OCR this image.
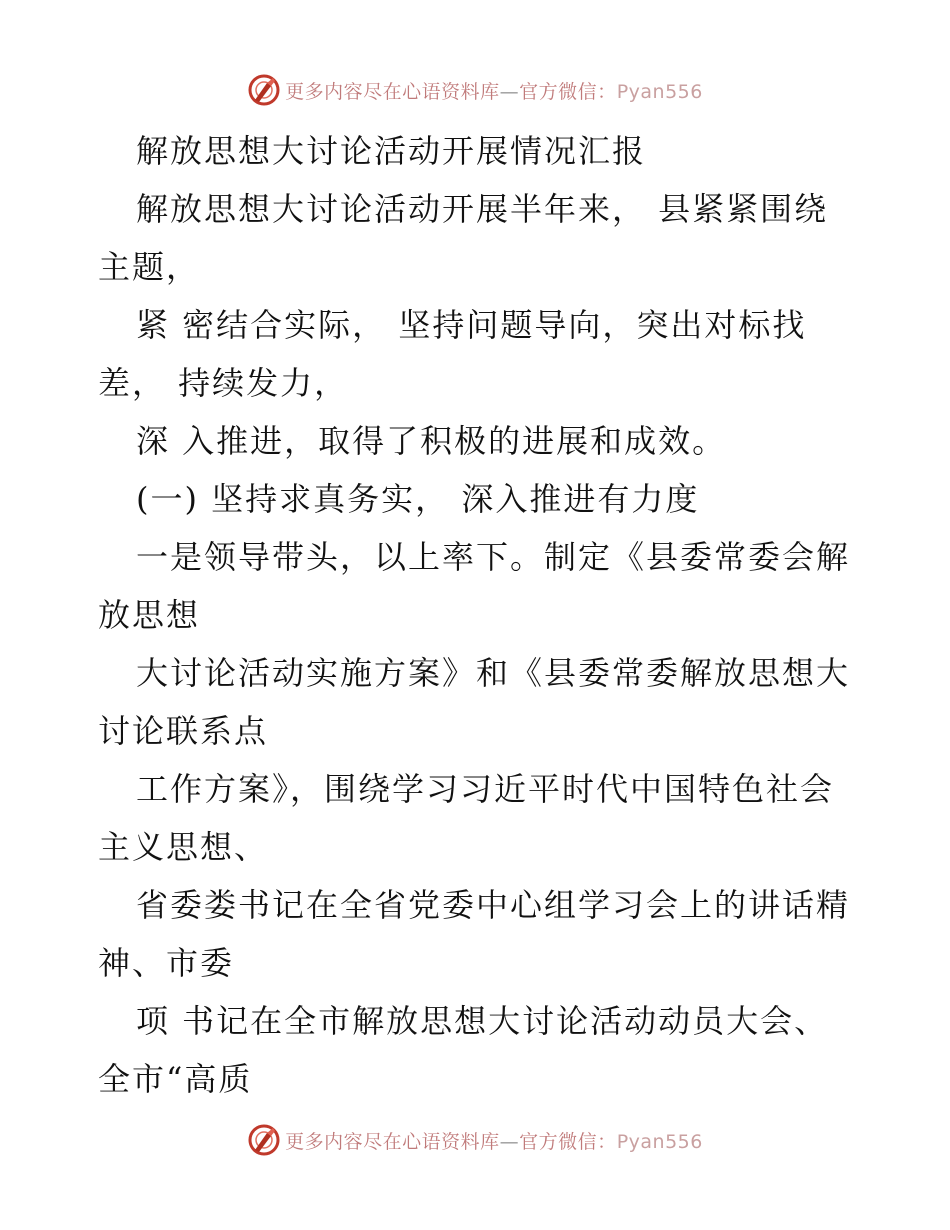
更多内容尽在心语资料库—官方微信：Pyan556
解放思想大讨论活动开展情况汇报
解放思想大讨论活动开展半年来， 县紧紧围绕
主题，
紧 密结合实际， 坚持问题导向，突出对标找
差， 持续发力，
深 入推进，取得了积极的进展和成效。
(一) 坚持求真务实， 深入推进有力度
一是领导带头，以上率下。制定《县委常委会解
放思想
大讨论活动实施方案》和《县委常委解放思想大
讨论联系点
工作方案》，围绕学习习近平时代中国特色社会
主义思想、
省委娄书记在全省党委中心组学习会上的讲话精
神、市委
项 书记在全市解放思想大讨论活动动员大会、
全市“高质
更多内容尽在心语资料库—官方微信：Pyan556
